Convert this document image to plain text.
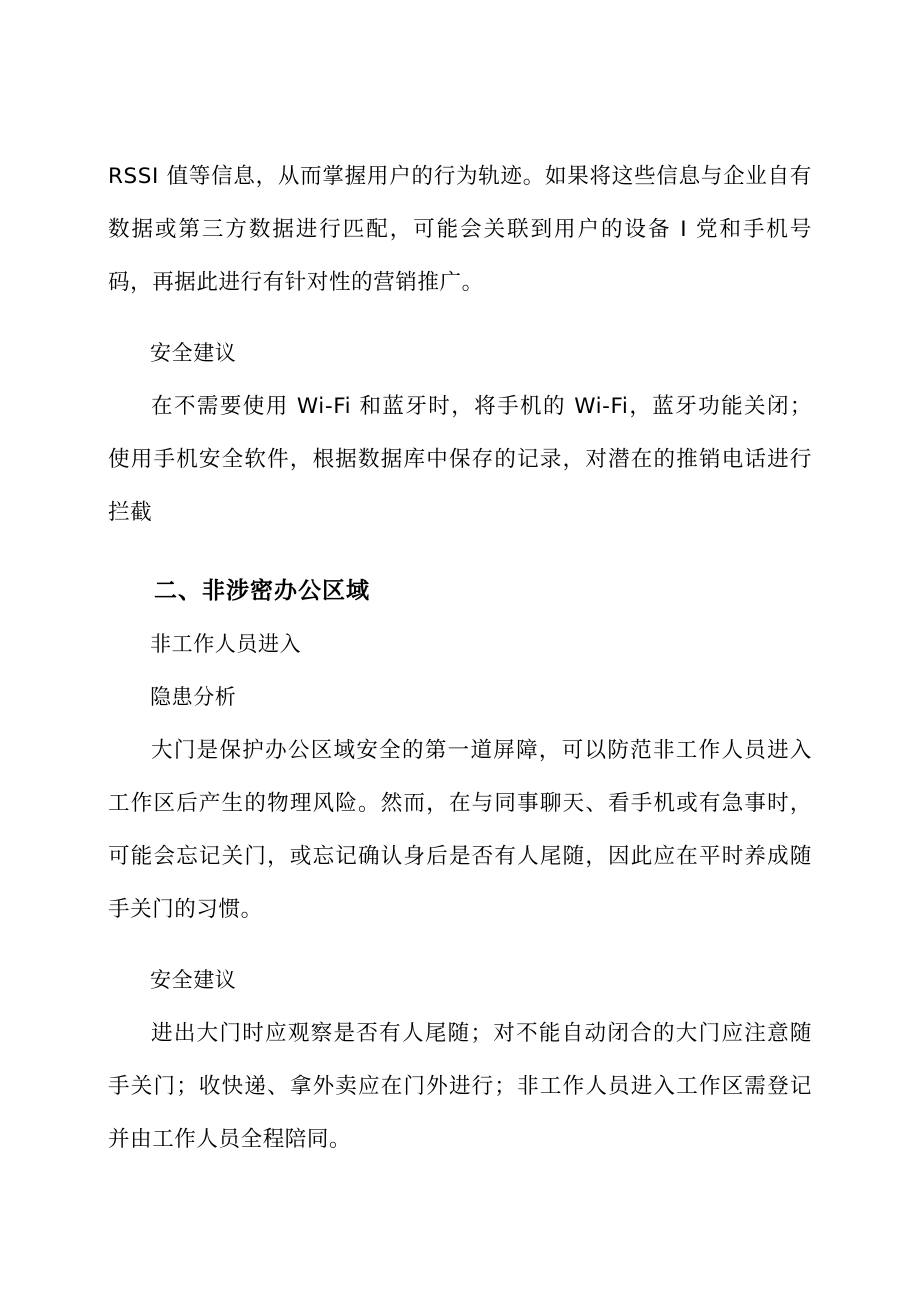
RSSI 值等信息，从而掌握用户的行为轨迹。如果将这些信息与企业自有数据或第三方数据进行匹配，可能会关联到用户的设备 I 党和手机号码，再据此进行有针对性的营销推广。

安全建议

在不需要使用 Wi-Fi 和蓝牙时，将手机的 Wi-Fi，蓝牙功能关闭；使用手机安全软件，根据数据库中保存的记录，对潜在的推销电话进行拦截

二、非涉密办公区域

非工作人员进入

隐患分析

大门是保护办公区域安全的第一道屏障，可以防范非工作人员进入工作区后产生的物理风险。然而，在与同事聊天、看手机或有急事时，可能会忘记关门，或忘记确认身后是否有人尾随，因此应在平时养成随手关门的习惯。

安全建议

进出大门时应观察是否有人尾随；对不能自动闭合的大门应注意随手关门；收快递、拿外卖应在门外进行；非工作人员进入工作区需登记并由工作人员全程陪同。
